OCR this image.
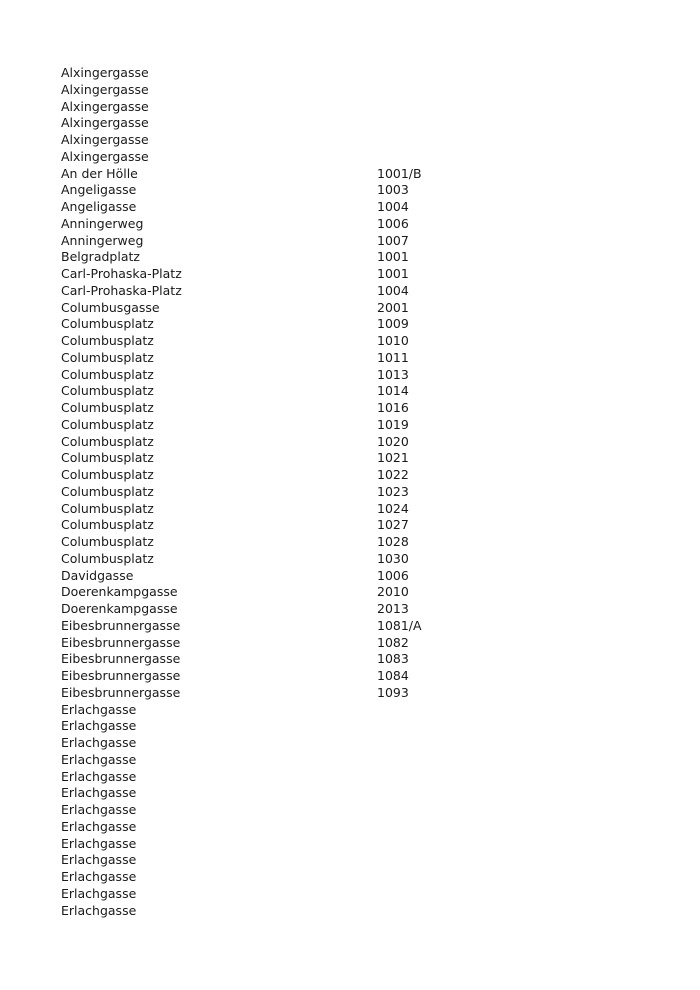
Alxingergasse
Alxingergasse
Alxingergasse
Alxingergasse
Alxingergasse
Alxingergasse
An der Hölle	1001/B
Angeligasse	1003
Angeligasse	1004
Anningerweg	1006
Anningerweg	1007
Belgradplatz	1001
Carl-Prohaska-Platz	1001
Carl-Prohaska-Platz	1004
Columbusgasse	2001
Columbusplatz	1009
Columbusplatz	1010
Columbusplatz	1011
Columbusplatz	1013
Columbusplatz	1014
Columbusplatz	1016
Columbusplatz	1019
Columbusplatz	1020
Columbusplatz	1021
Columbusplatz	1022
Columbusplatz	1023
Columbusplatz	1024
Columbusplatz	1027
Columbusplatz	1028
Columbusplatz	1030
Davidgasse	1006
Doerenkampgasse	2010
Doerenkampgasse	2013
Eibesbrunnergasse	1081/A
Eibesbrunnergasse	1082
Eibesbrunnergasse	1083
Eibesbrunnergasse	1084
Eibesbrunnergasse	1093
Erlachgasse
Erlachgasse
Erlachgasse
Erlachgasse
Erlachgasse
Erlachgasse
Erlachgasse
Erlachgasse
Erlachgasse
Erlachgasse
Erlachgasse
Erlachgasse
Erlachgasse
